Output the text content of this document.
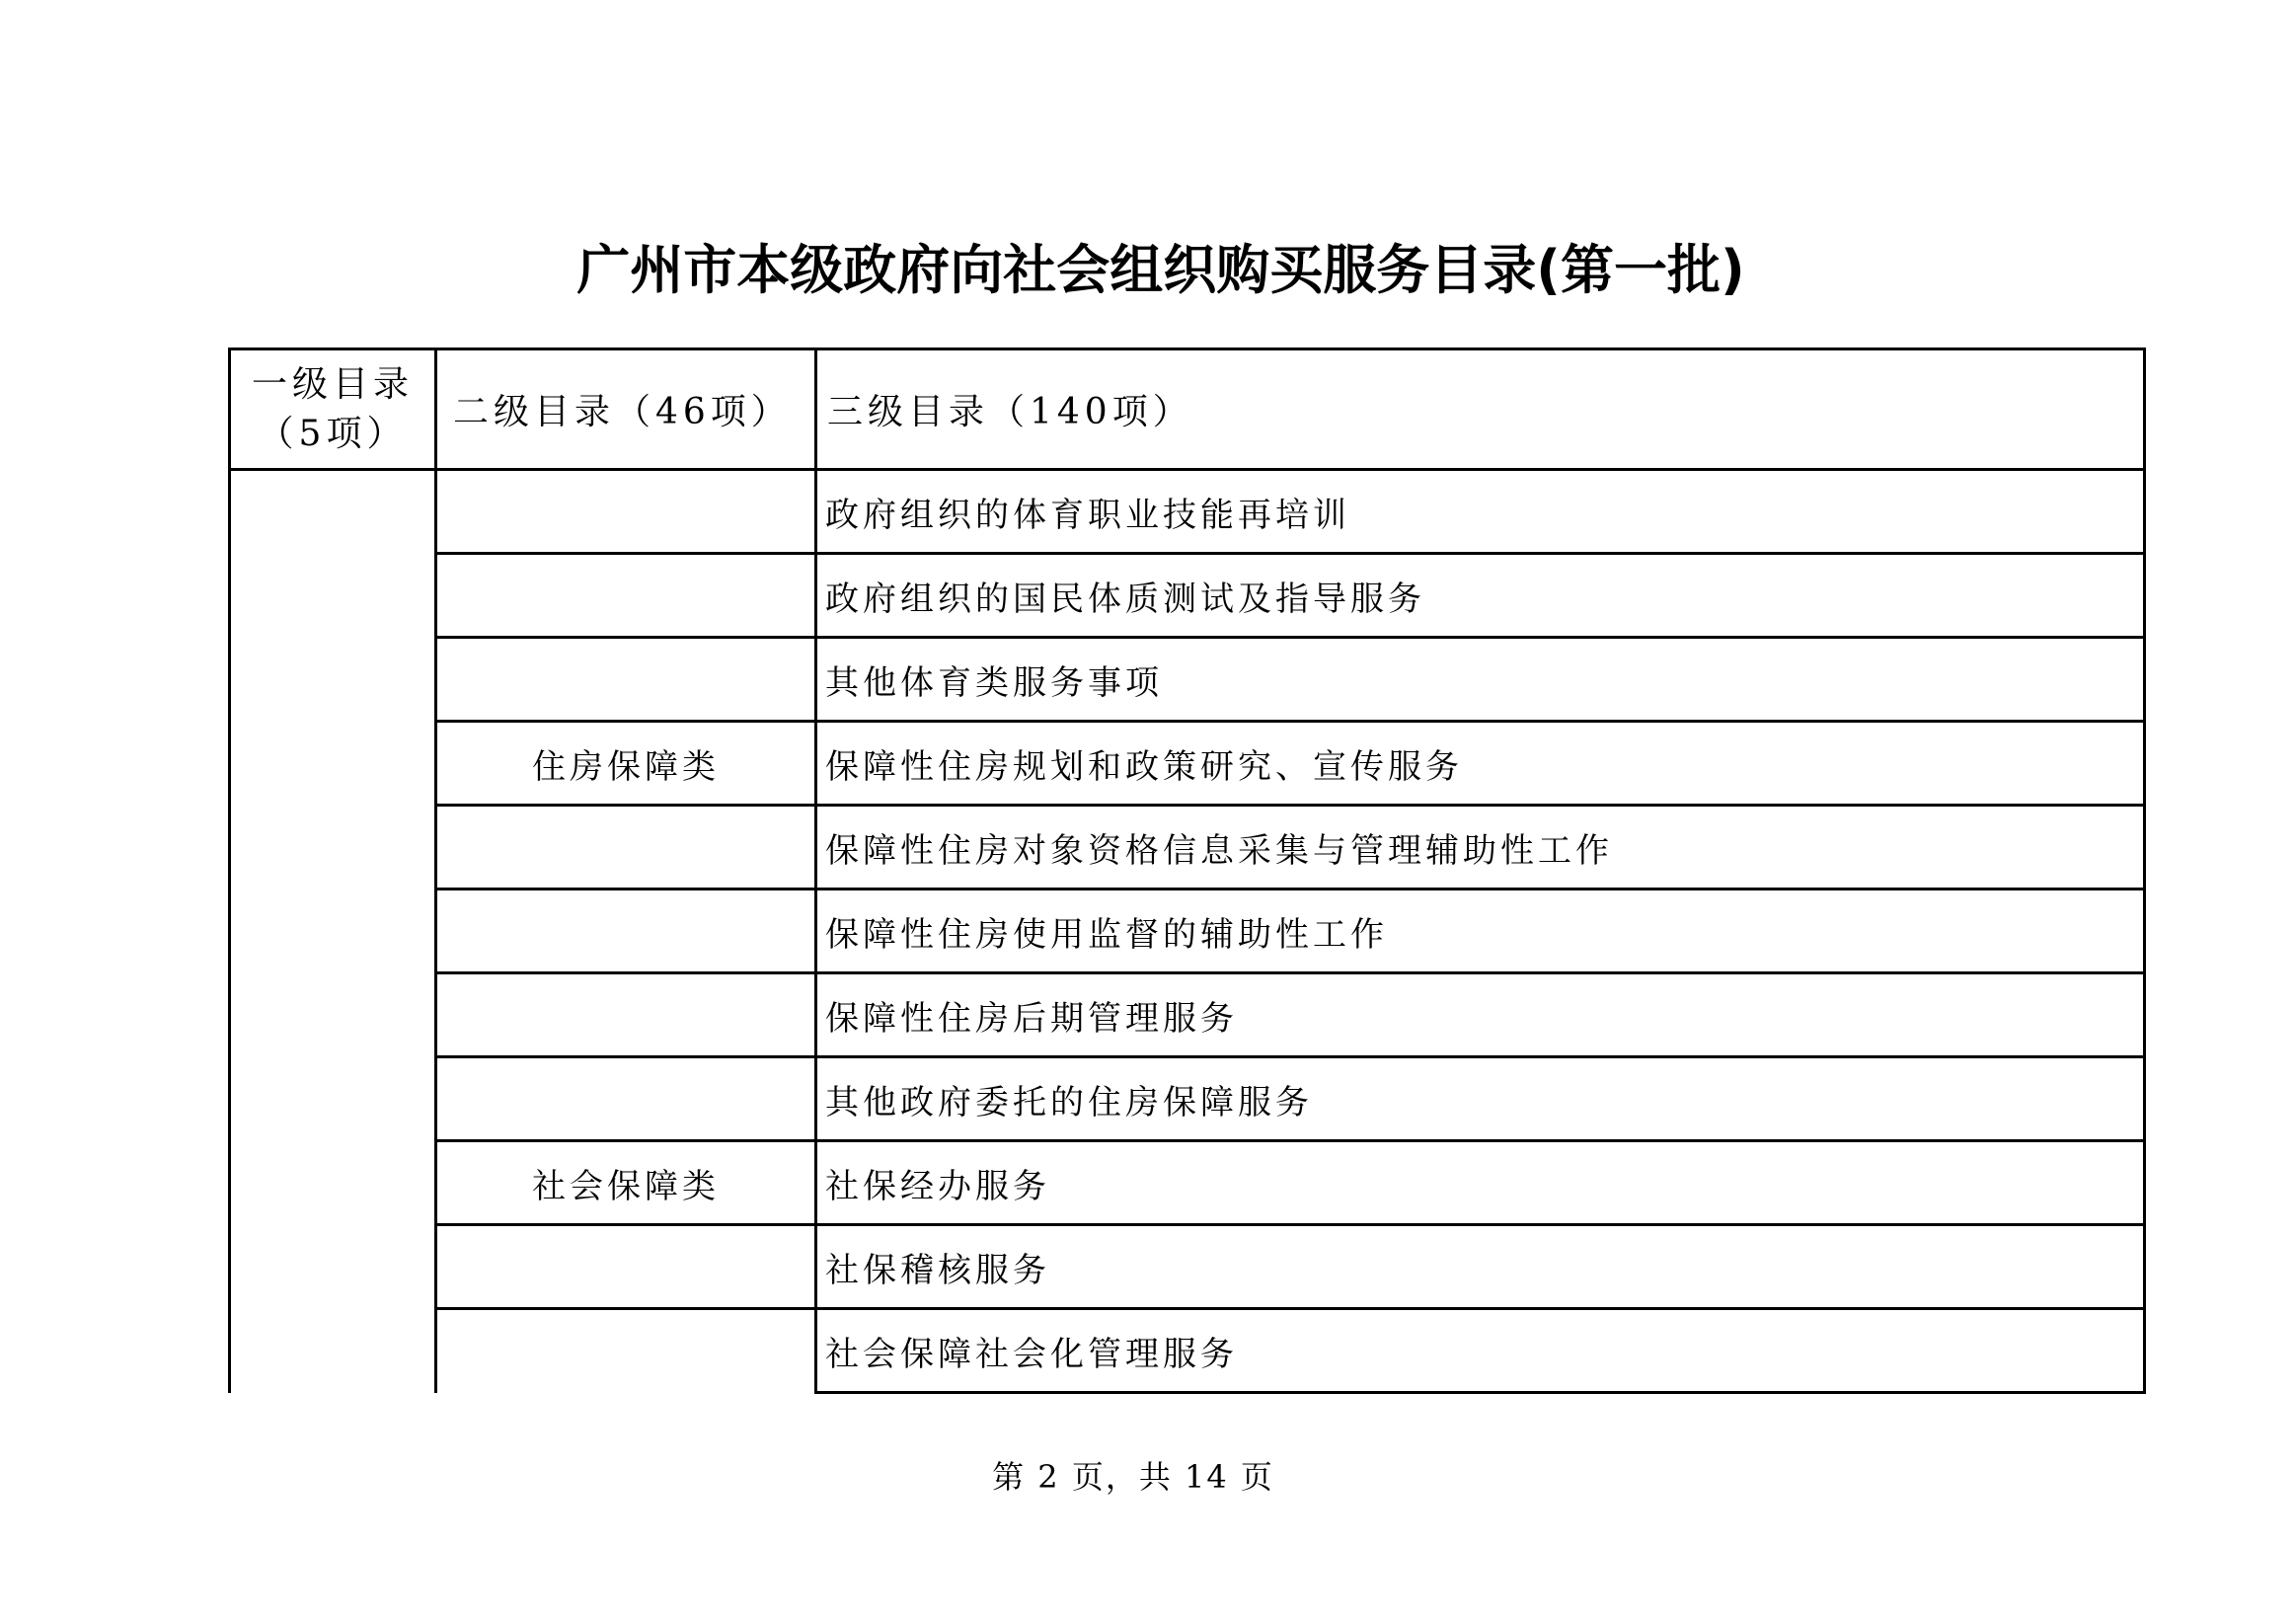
广州市本级政府向社会组织购买服务目录(第一批)
一级目录
（5项）	二级目录（46项）	三级目录（140项）
		政府组织的体育职业技能再培训
		政府组织的国民体质测试及指导服务
		其他体育类服务事项
	住房保障类	保障性住房规划和政策研究、宣传服务
		保障性住房对象资格信息采集与管理辅助性工作
		保障性住房使用监督的辅助性工作
		保障性住房后期管理服务
		其他政府委托的住房保障服务
	社会保障类	社保经办服务
		社保稽核服务
		社会保障社会化管理服务
第 2 页，共 14 页
